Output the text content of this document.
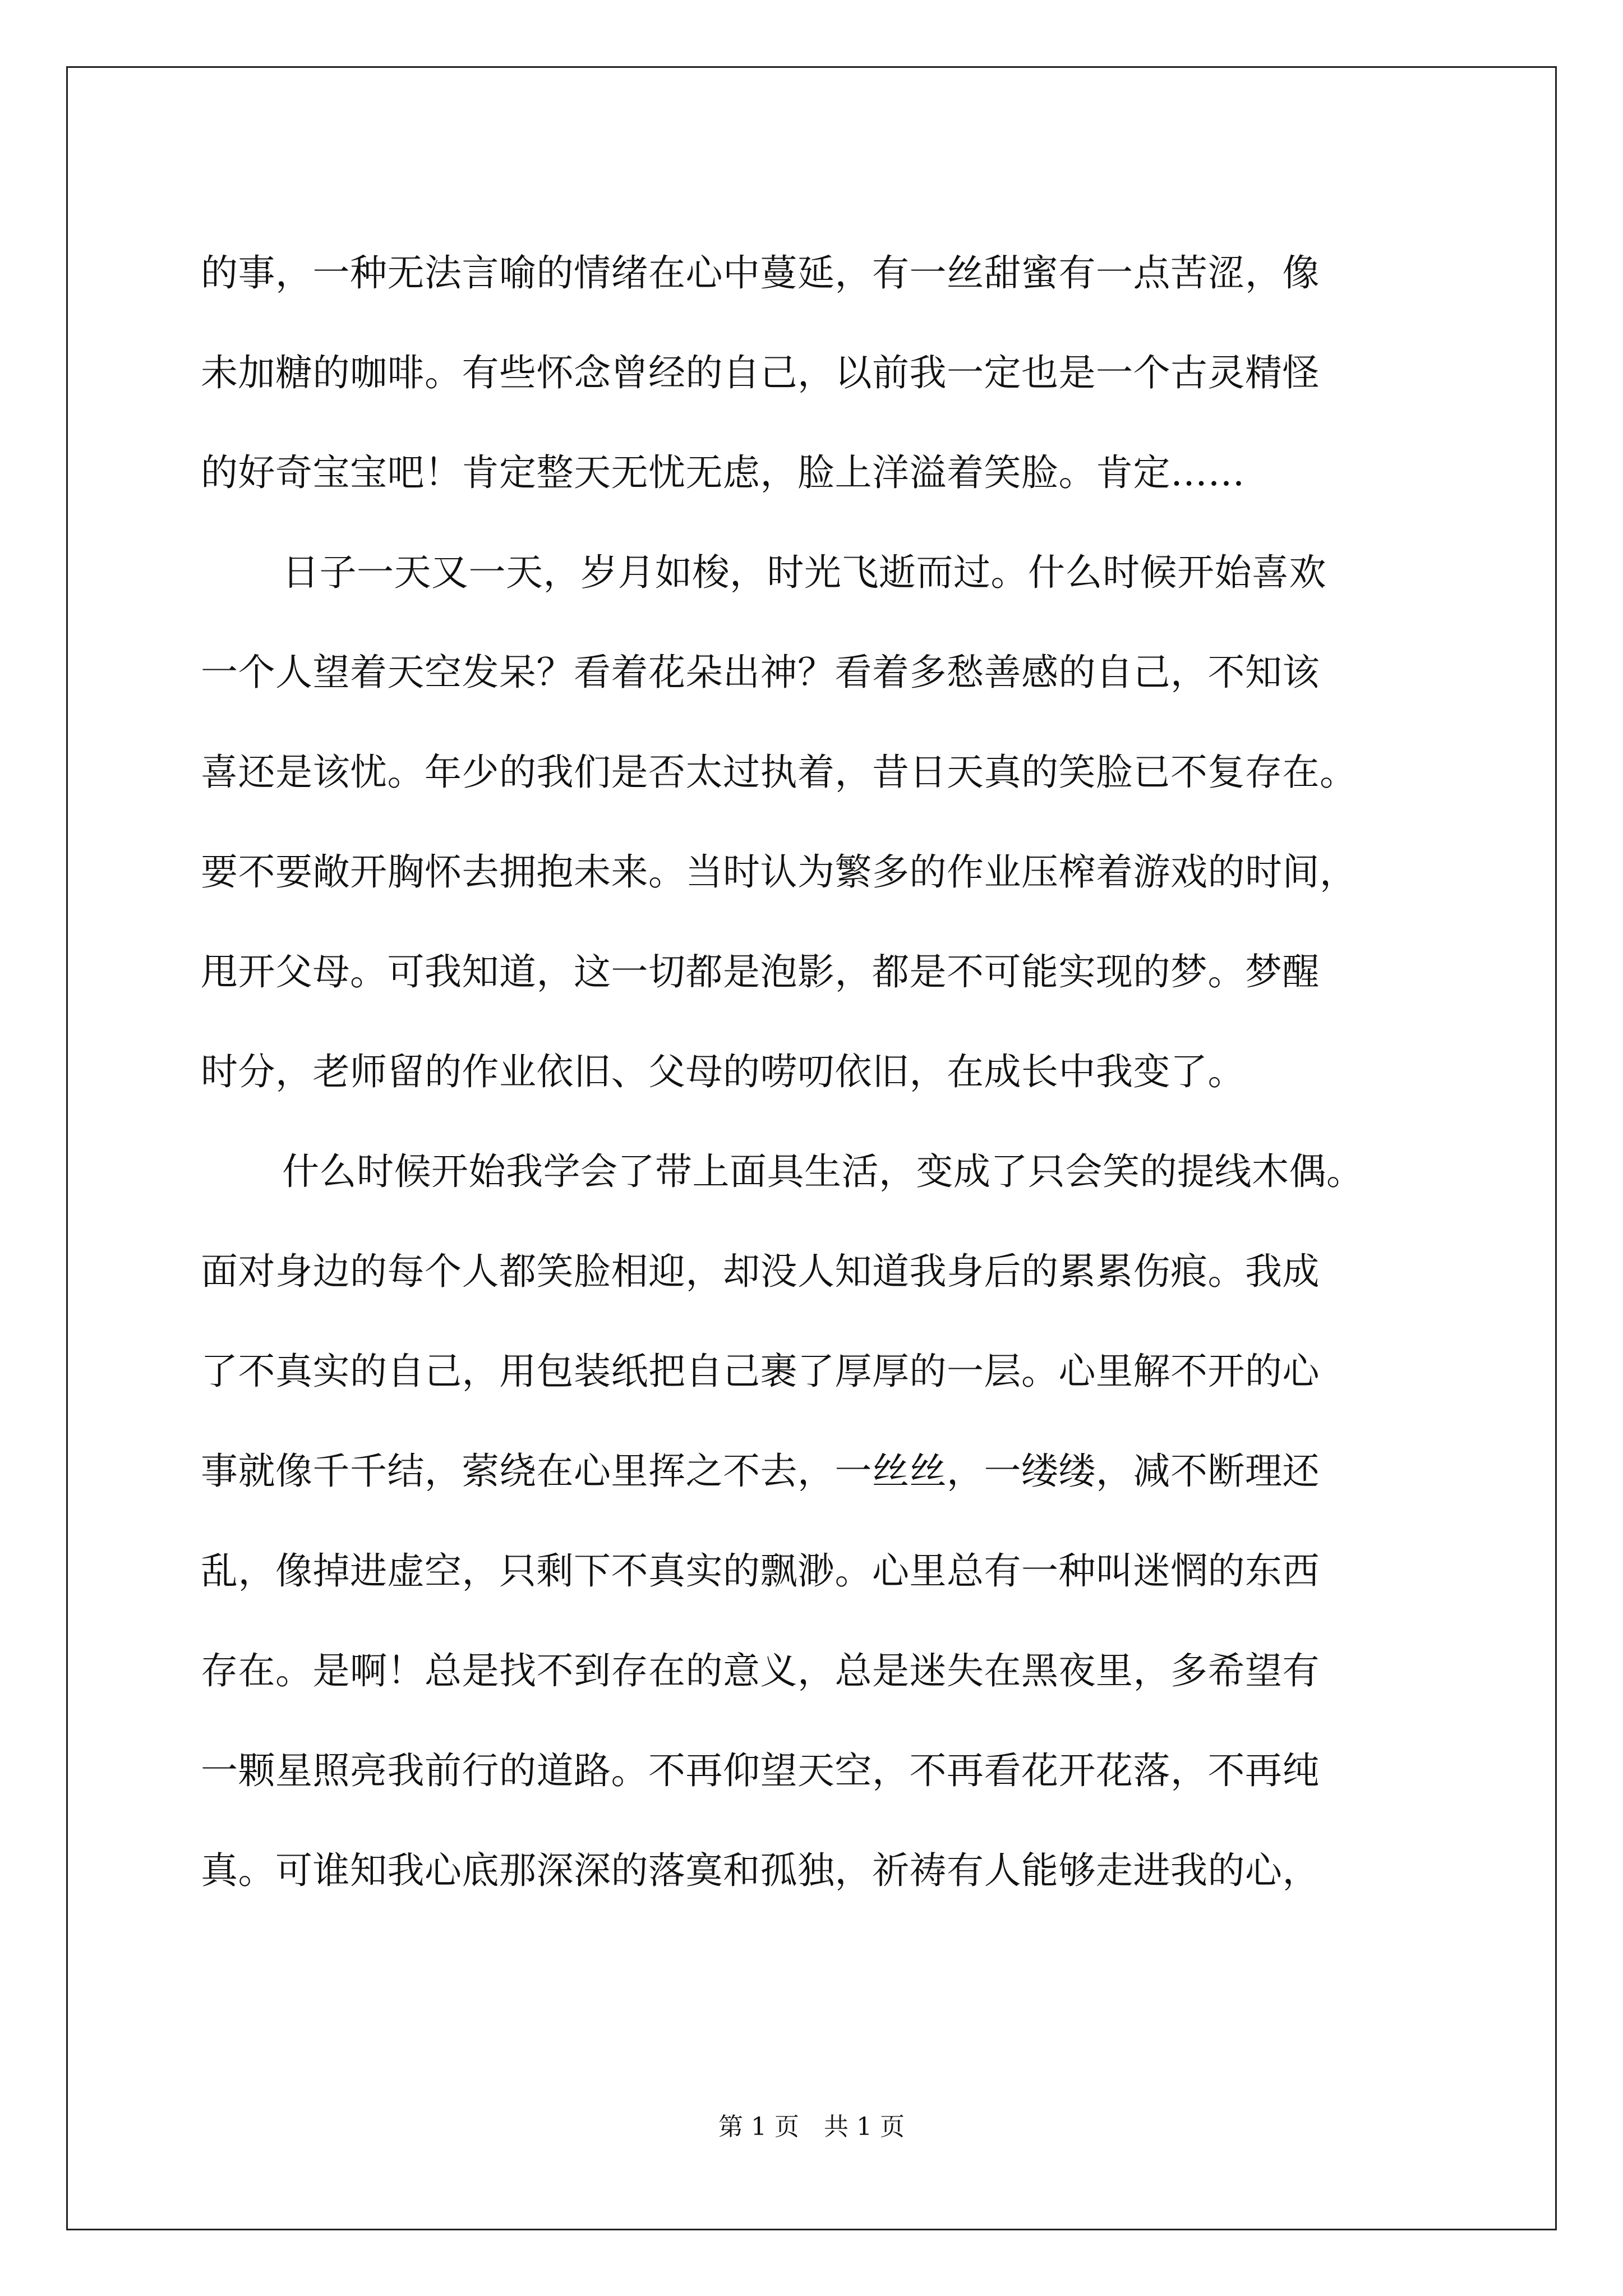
的事，一种无法言喻的情绪在心中蔓延，有一丝甜蜜有一点苦涩，像
未加糖的咖啡。有些怀念曾经的自己，以前我一定也是一个古灵精怪
的好奇宝宝吧！肯定整天无忧无虑，脸上洋溢着笑脸。肯定……
日子一天又一天，岁月如梭，时光飞逝而过。什么时候开始喜欢
一个人望着天空发呆？看着花朵出神？看着多愁善感的自己，不知该
喜还是该忧。年少的我们是否太过执着，昔日天真的笑脸已不复存在。
要不要敞开胸怀去拥抱未来。当时认为繁多的作业压榨着游戏的时间，
甩开父母。可我知道，这一切都是泡影，都是不可能实现的梦。梦醒
时分，老师留的作业依旧、父母的唠叨依旧，在成长中我变了。
什么时候开始我学会了带上面具生活，变成了只会笑的提线木偶。
面对身边的每个人都笑脸相迎，却没人知道我身后的累累伤痕。我成
了不真实的自己，用包装纸把自己裹了厚厚的一层。心里解不开的心
事就像千千结，萦绕在心里挥之不去，一丝丝，一缕缕，减不断理还
乱，像掉进虚空，只剩下不真实的飘渺。心里总有一种叫迷惘的东西
存在。是啊！总是找不到存在的意义，总是迷失在黑夜里，多希望有
一颗星照亮我前行的道路。不再仰望天空，不再看花开花落，不再纯
真。可谁知我心底那深深的落寞和孤独，祈祷有人能够走进我的心，
第 1 页　共 1 页
